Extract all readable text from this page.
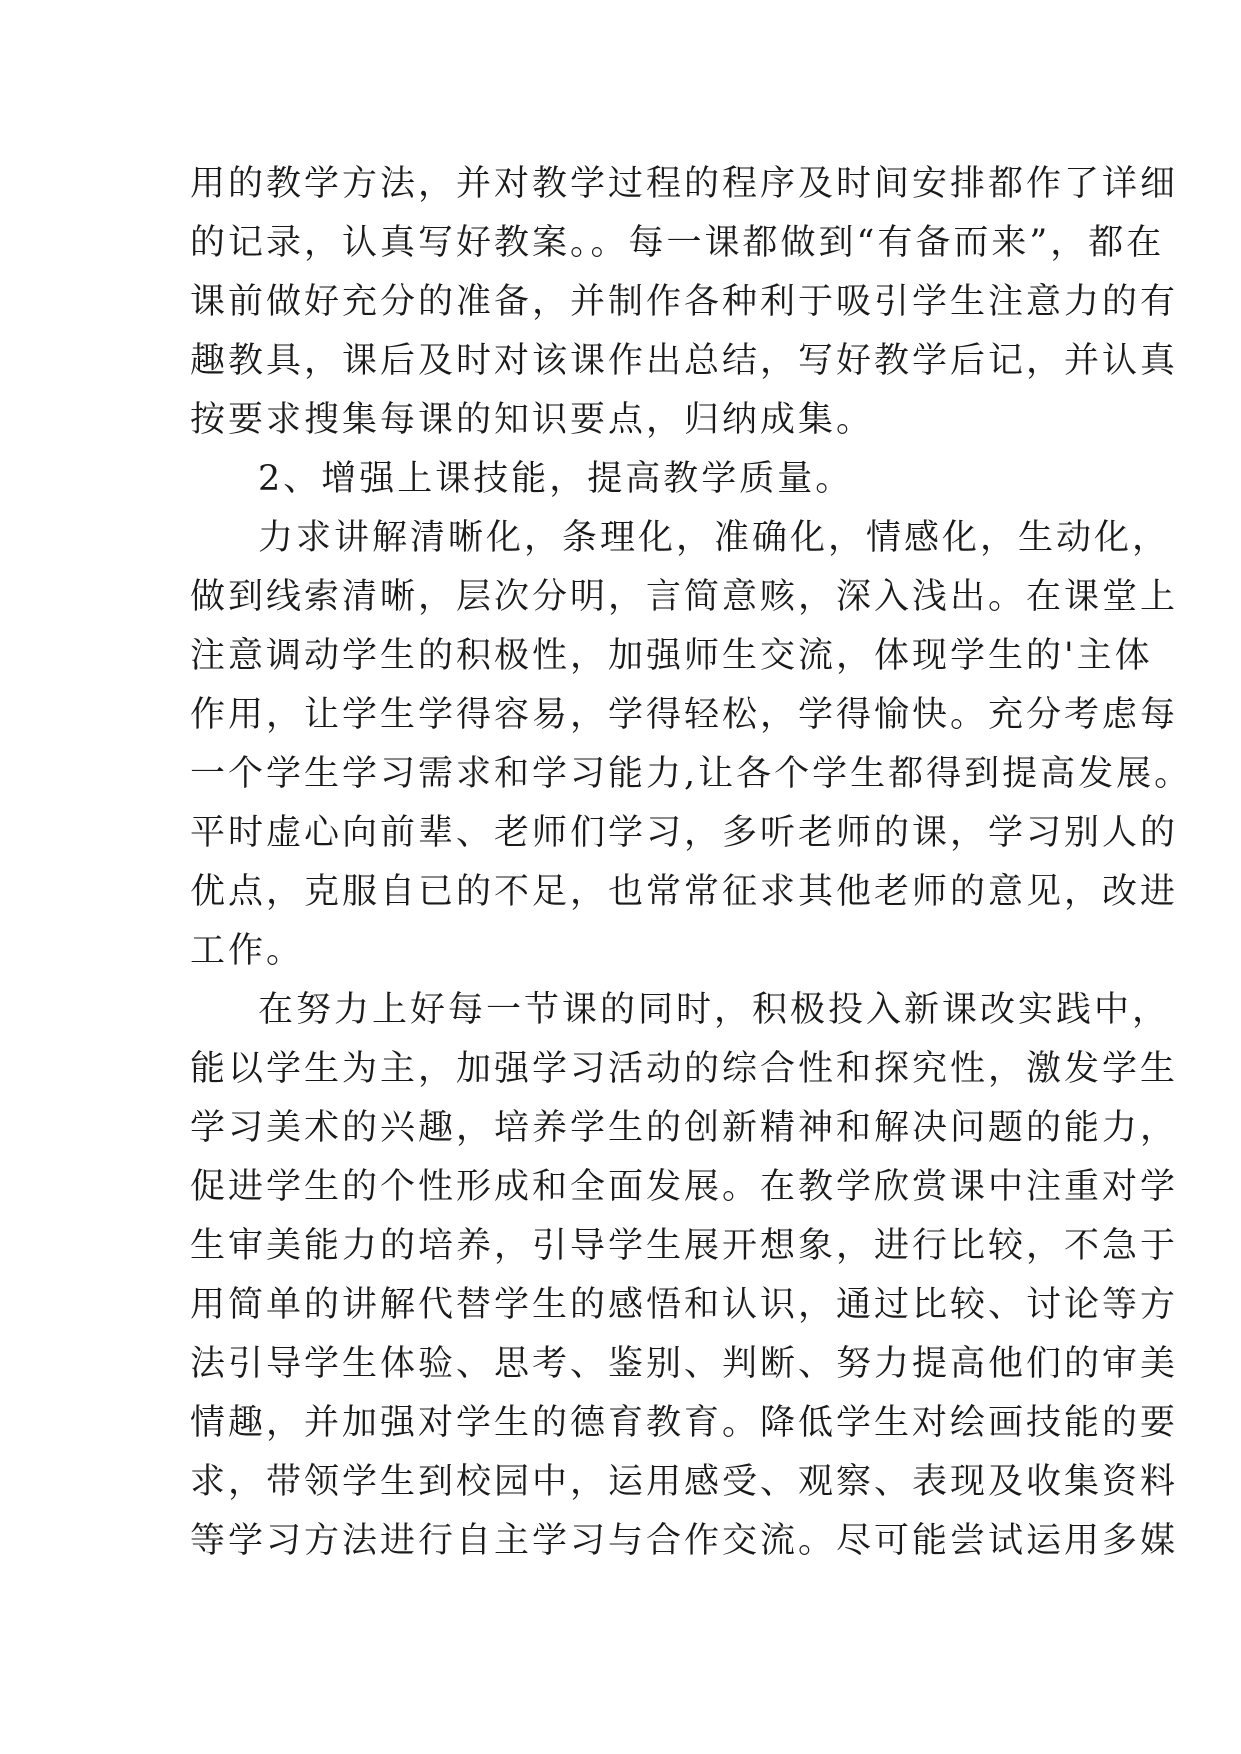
用的教学方法，并对教学过程的程序及时间安排都作了详细
的记录，认真写好教案。。每一课都做到“有备而来”，都在
课前做好充分的准备，并制作各种利于吸引学生注意力的有
趣教具，课后及时对该课作出总结，写好教学后记，并认真
按要求搜集每课的知识要点，归纳成集。
2、增强上课技能，提高教学质量。
力求讲解清晰化，条理化，准确化，情感化，生动化，
做到线索清晰，层次分明，言简意赅，深入浅出。在课堂上
注意调动学生的积极性，加强师生交流，体现学生的'主体
作用，让学生学得容易，学得轻松，学得愉快。充分考虑每
一个学生学习需求和学习能力,让各个学生都得到提高发展。
平时虚心向前辈、老师们学习，多听老师的课，学习别人的
优点，克服自已的不足，也常常征求其他老师的意见，改进
工作。
在努力上好每一节课的同时，积极投入新课改实践中，
能以学生为主，加强学习活动的综合性和探究性，激发学生
学习美术的兴趣，培养学生的创新精神和解决问题的能力，
促进学生的个性形成和全面发展。在教学欣赏课中注重对学
生审美能力的培养，引导学生展开想象，进行比较，不急于
用简单的讲解代替学生的感悟和认识，通过比较、讨论等方
法引导学生体验、思考、鉴别、判断、努力提高他们的审美
情趣，并加强对学生的德育教育。降低学生对绘画技能的要
求，带领学生到校园中，运用感受、观察、表现及收集资料
等学习方法进行自主学习与合作交流。尽可能尝试运用多媒
